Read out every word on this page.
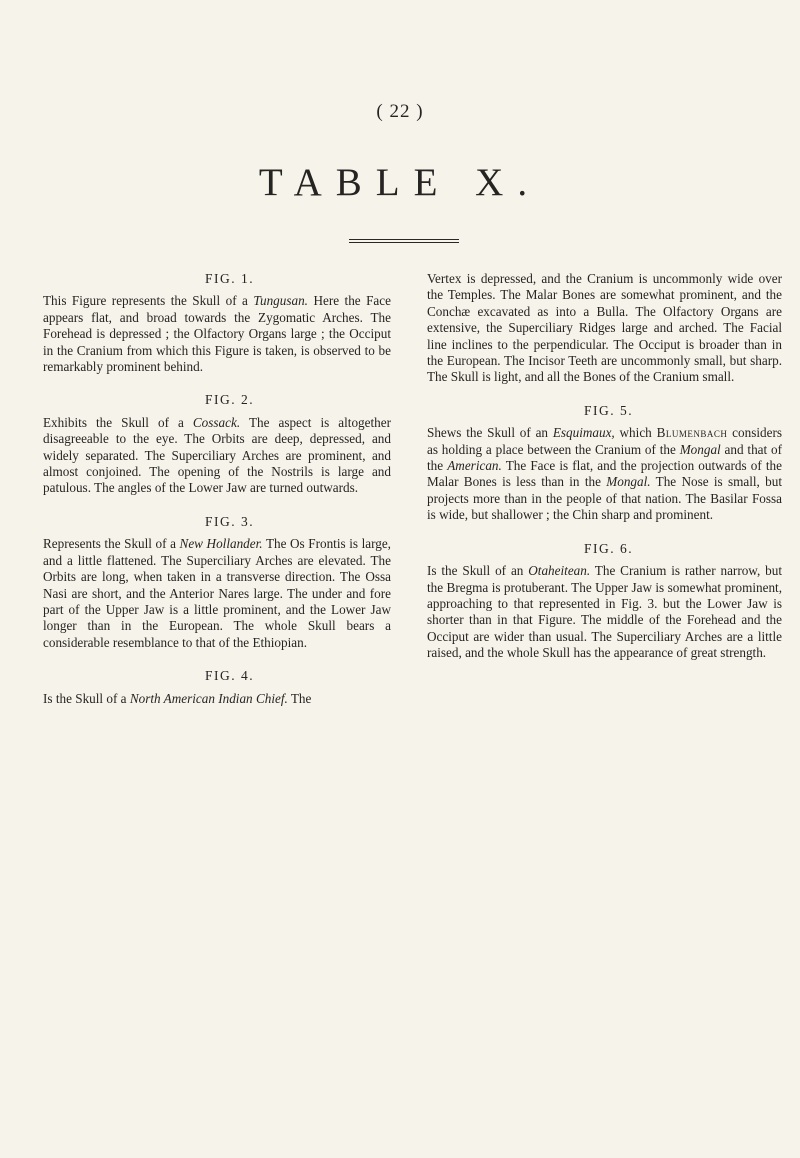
( 22 )
TABLE X.
FIG. 1.

This Figure represents the Skull of a Tungusan. Here the Face appears flat, and broad towards the Zygomatic Arches. The Forehead is depressed ; the Olfactory Organs large ; the Occiput in the Cranium from which this Figure is taken, is observed to be remarkably prominent behind.

FIG. 2.

Exhibits the Skull of a Cossack. The aspect is altogether disagreeable to the eye. The Orbits are deep, depressed, and widely separated. The Superciliary Arches are prominent, and almost conjoined. The opening of the Nostrils is large and patulous. The angles of the Lower Jaw are turned outwards.

FIG. 3.

Represents the Skull of a New Hollander. The Os Frontis is large, and a little flattened. The Superciliary Arches are elevated. The Orbits are long, when taken in a transverse direction. The Ossa Nasi are short, and the Anterior Nares large. The under and fore part of the Upper Jaw is a little prominent, and the Lower Jaw longer than in the European. The whole Skull bears a considerable resemblance to that of the Ethiopian.

FIG. 4.

Is the Skull of a North American Indian Chief. The

Vertex is depressed, and the Cranium is uncommonly wide over the Temples. The Malar Bones are somewhat prominent, and the Conchæ excavated as into a Bulla. The Olfactory Organs are extensive, the Superciliary Ridges large and arched. The Facial line inclines to the perpendicular. The Occiput is broader than in the European. The Incisor Teeth are uncommonly small, but sharp. The Skull is light, and all the Bones of the Cranium small.

FIG. 5.

Shews the Skull of an Esquimaux, which Blumenbach considers as holding a place between the Cranium of the Mongal and that of the American. The Face is flat, and the projection outwards of the Malar Bones is less than in the Mongal. The Nose is small, but projects more than in the people of that nation. The Basilar Fossa is wide, but shallower ; the Chin sharp and prominent.

FIG. 6.

Is the Skull of an Otaheitean. The Cranium is rather narrow, but the Bregma is protuberant. The Upper Jaw is somewhat prominent, approaching to that represented in Fig. 3. but the Lower Jaw is shorter than in that Figure. The middle of the Forehead and the Occiput are wider than usual. The Superciliary Arches are a little raised, and the whole Skull has the appearance of great strength.
